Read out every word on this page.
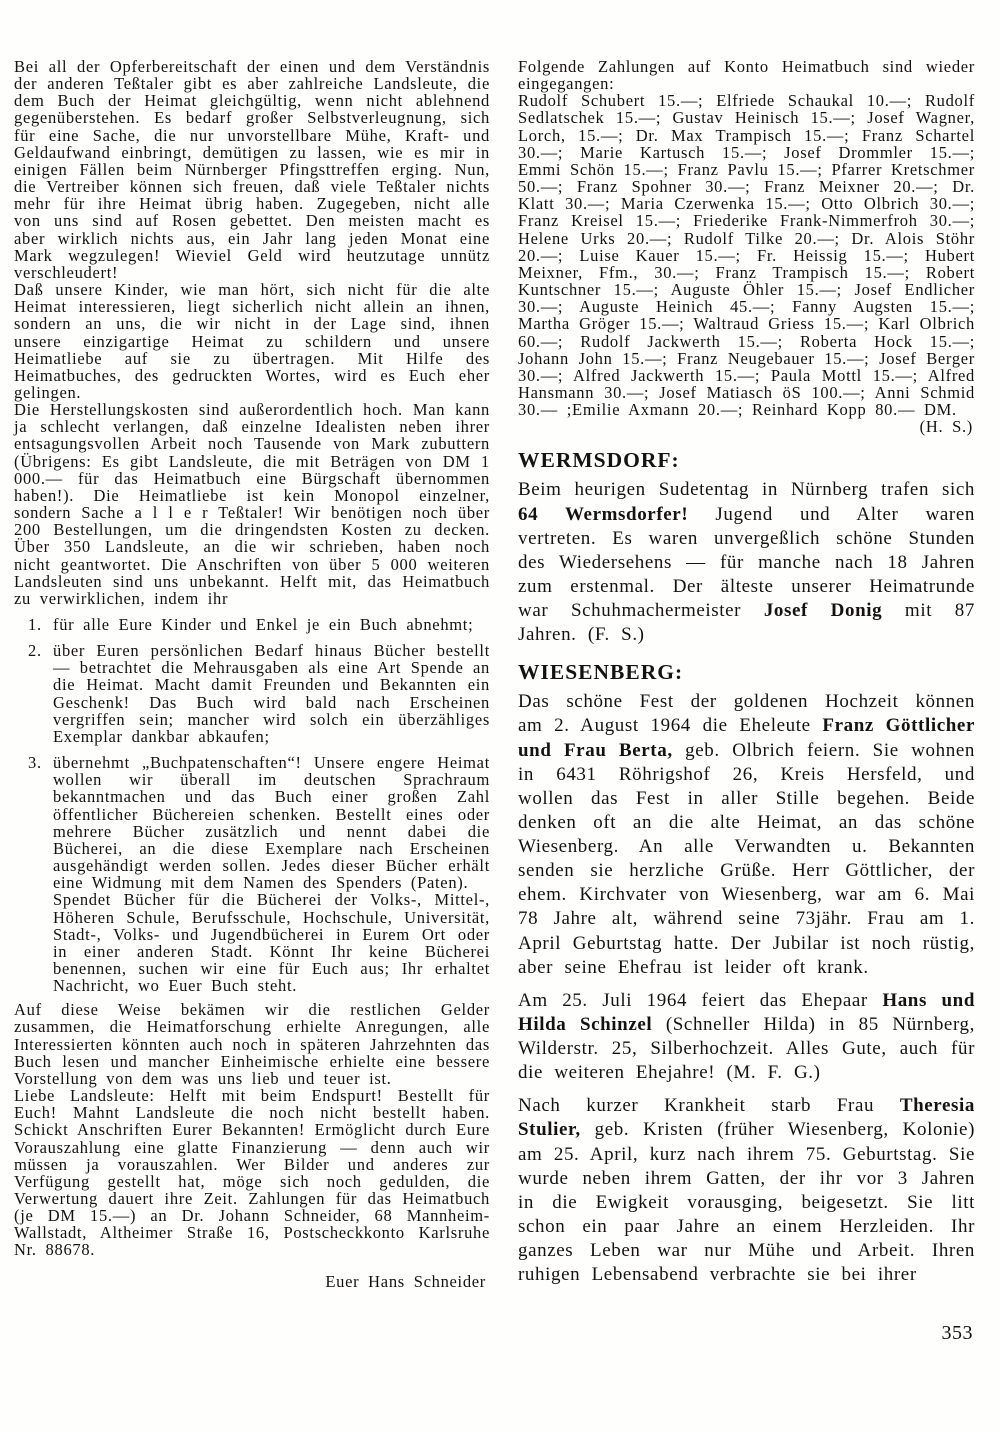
Bei all der Opferbereitschaft der einen und dem Verständnis der anderen Teßtaler gibt es aber zahlreiche Landsleute, die dem Buch der Heimat gleichgültig, wenn nicht ablehnend gegenüberstehen. Es bedarf großer Selbstverleugnung, sich für eine Sache, die nur unvorstellbare Mühe, Kraft- und Geldaufwand einbringt, demütigen zu lassen, wie es mir in einigen Fällen beim Nürnberger Pfingsttreffen erging. Nun, die Vertreiber können sich freuen, daß viele Teßtaler nichts mehr für ihre Heimat übrig haben. Zugegeben, nicht alle von uns sind auf Rosen gebettet. Den meisten macht es aber wirklich nichts aus, ein Jahr lang jeden Monat eine Mark wegzulegen! Wieviel Geld wird heutzutage unnütz verschleudert!

Daß unsere Kinder, wie man hört, sich nicht für die alte Heimat interessieren, liegt sicherlich nicht allein an ihnen, sondern an uns, die wir nicht in der Lage sind, ihnen unsere einzigartige Heimat zu schildern und unsere Heimatliebe auf sie zu übertragen. Mit Hilfe des Heimatbuches, des gedruckten Wortes, wird es Euch eher gelingen.

Die Herstellungskosten sind außerordentlich hoch. Man kann ja schlecht verlangen, daß einzelne Idealisten neben ihrer entsagungsvollen Arbeit noch Tausende von Mark zubuttern (Übrigens: Es gibt Landsleute, die mit Beträgen von DM 1 000.— für das Heimatbuch eine Bürgschaft übernommen haben!). Die Heimatliebe ist kein Monopol einzelner, sondern Sache a l l e r Teßtaler! Wir benötigen noch über 200 Bestellungen, um die dringendsten Kosten zu decken. Über 350 Landsleute, an die wir schrieben, haben noch nicht geantwortet. Die Anschriften von über 5 000 weiteren Landsleuten sind uns unbekannt. Helft mit, das Heimatbuch zu verwirklichen, indem ihr

1. für alle Eure Kinder und Enkel je ein Buch abnehmt;

2. über Euren persönlichen Bedarf hinaus Bücher bestellt — betrachtet die Mehrausgaben als eine Art Spende an die Heimat. Macht damit Freunden und Bekannten ein Geschenk! Das Buch wird bald nach Erscheinen vergriffen sein; mancher wird solch ein überzähliges Exemplar dankbar abkaufen;

3. übernehmt „Buchpatenschaften“! Unsere engere Heimat wollen wir überall im deutschen Sprachraum bekanntmachen und das Buch einer großen Zahl öffentlicher Büchereien schenken. Bestellt eines oder mehrere Bücher zusätzlich und nennt dabei die Bücherei, an die diese Exemplare nach Erscheinen ausgehändigt werden sollen. Jedes dieser Bücher erhält eine Widmung mit dem Namen des Spenders (Paten).

Spendet Bücher für die Bücherei der Volks-, Mittel-, Höheren Schule, Berufsschule, Hochschule, Universität, Stadt-, Volks- und Jugendbücherei in Eurem Ort oder in einer anderen Stadt. Könnt Ihr keine Bücherei benennen, suchen wir eine für Euch aus; Ihr erhaltet Nachricht, wo Euer Buch steht.

Auf diese Weise bekämen wir die restlichen Gelder zusammen, die Heimatforschung erhielte Anregungen, alle Interessierten könnten auch noch in späteren Jahrzehnten das Buch lesen und mancher Einheimische erhielte eine bessere Vorstellung von dem was uns lieb und teuer ist.

Liebe Landsleute: Helft mit beim Endspurt! Bestellt für Euch! Mahnt Landsleute die noch nicht bestellt haben. Schickt Anschriften Eurer Bekannten! Ermöglicht durch Eure Vorauszahlung eine glatte Finanzierung — denn auch wir müssen ja vorauszahlen. Wer Bilder und anderes zur Verfügung gestellt hat, möge sich noch gedulden, die Verwertung dauert ihre Zeit. Zahlungen für das Heimatbuch (je DM 15.—) an Dr. Johann Schneider, 68 Mannheim-Wallstadt, Altheimer Straße 16, Postscheckkonto Karlsruhe Nr. 88678.

Euer Hans Schneider

Folgende Zahlungen auf Konto Heimatbuch sind wieder eingegangen:

Rudolf Schubert 15.—; Elfriede Schaukal 10.—; Rudolf Sedlatschek 15.—; Gustav Heinisch 15.—; Josef Wagner, Lorch, 15.—; Dr. Max Trampisch 15.—; Franz Schartel 30.—; Marie Kartusch 15.—; Josef Drommler 15.—; Emmi Schön 15.—; Franz Pavlu 15.—; Pfarrer Kretschmer 50.—; Franz Spohner 30.—; Franz Meixner 20.—; Dr. Klatt 30.—; Maria Czerwenka 15.—; Otto Olbrich 30.—; Franz Kreisel 15.—; Friederike Frank-Nimmerfroh 30.—; Helene Urks 20.—; Rudolf Tilke 20.—; Dr. Alois Stöhr 20.—; Luise Kauer 15.—; Fr. Heissig 15.—; Hubert Meixner, Ffm., 30.—; Franz Trampisch 15.—; Robert Kuntschner 15.—; Auguste Öhler 15.—; Josef Endlicher 30.—; Auguste Heinich 45.—; Fanny Augsten 15.—; Martha Gröger 15.—; Waltraud Griess 15.—; Karl Olbrich 60.—; Rudolf Jackwerth 15.—; Roberta Hock 15.—; Johann John 15.—; Franz Neugebauer 15.—; Josef Berger 30.—; Alfred Jackwerth 15.—; Paula Mottl 15.—; Alfred Hansmann 30.—; Josef Matiasch öS 100.—; Anni Schmid 30.— ;Emilie Axmann 20.—; Reinhard Kopp 80.— DM.

(H. S.)

WERMSDORF:

Beim heurigen Sudetentag in Nürnberg trafen sich 64 Wermsdorfer! Jugend und Alter waren vertreten. Es waren unvergeßlich schöne Stunden des Wiedersehens — für manche nach 18 Jahren zum erstenmal. Der älteste unserer Heimatrunde war Schuhmachermeister Josef Donig mit 87 Jahren. (F. S.)

WIESENBERG:

Das schöne Fest der goldenen Hochzeit können am 2. August 1964 die Eheleute Franz Göttlicher und Frau Berta, geb. Olbrich feiern. Sie wohnen in 6431 Röhrigshof 26, Kreis Hersfeld, und wollen das Fest in aller Stille begehen. Beide denken oft an die alte Heimat, an das schöne Wiesenberg. An alle Verwandten u. Bekannten senden sie herzliche Grüße. Herr Göttlicher, der ehem. Kirchvater von Wiesenberg, war am 6. Mai 78 Jahre alt, während seine 73jähr. Frau am 1. April Geburtstag hatte. Der Jubilar ist noch rüstig, aber seine Ehefrau ist leider oft krank.

Am 25. Juli 1964 feiert das Ehepaar Hans und Hilda Schinzel (Schneller Hilda) in 85 Nürnberg, Wilderstr. 25, Silberhochzeit. Alles Gute, auch für die weiteren Ehejahre! (M. F. G.)

Nach kurzer Krankheit starb Frau Theresia Stulier, geb. Kristen (früher Wiesenberg, Kolonie) am 25. April, kurz nach ihrem 75. Geburtstag. Sie wurde neben ihrem Gatten, der ihr vor 3 Jahren in die Ewigkeit vorausging, beigesetzt. Sie litt schon ein paar Jahre an einem Herzleiden. Ihr ganzes Leben war nur Mühe und Arbeit. Ihren ruhigen Lebensabend verbrachte sie bei ihrer

353
